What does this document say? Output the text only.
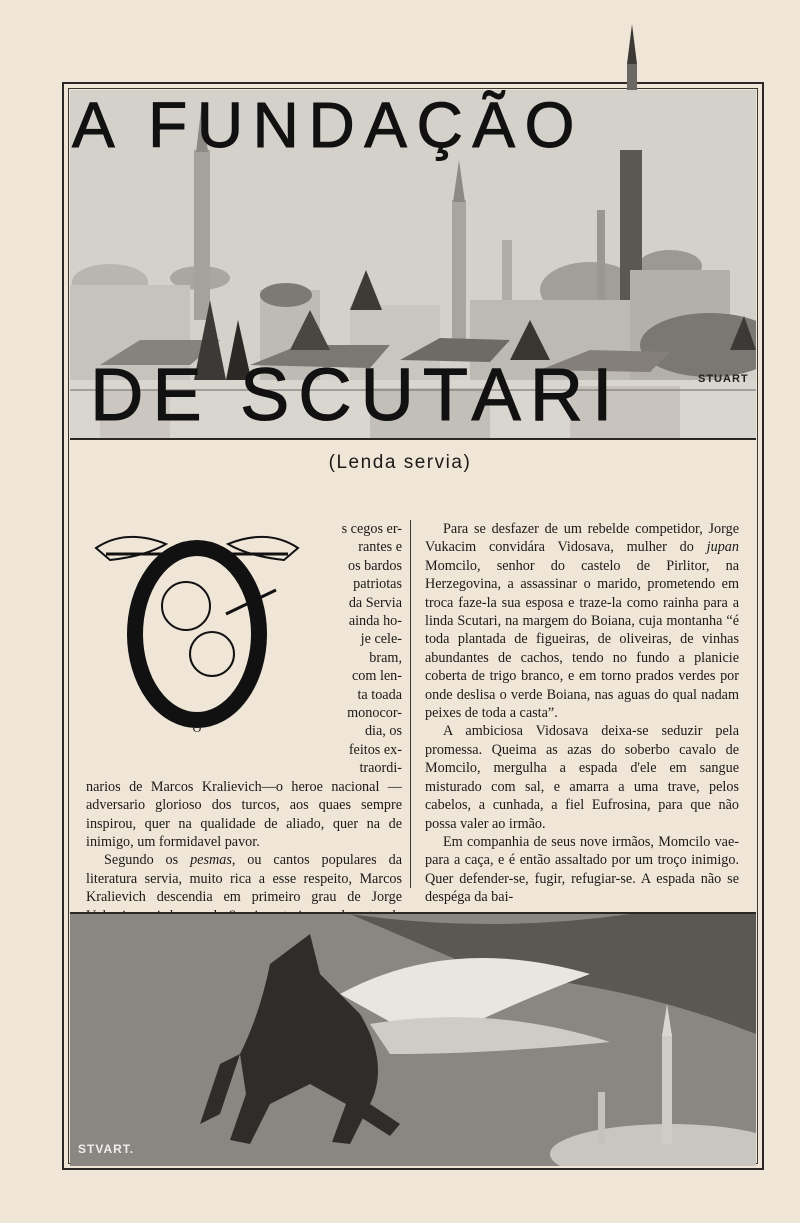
A FUNDAÇÃO
DE SCUTARI	STUART
(Lenda servia)
O

s cegos er-

rantes e

os bardos

patriotas

da Servia

ainda ho-

je cele-

bram,

com len-

ta toada

monocor-

dia, os

feitos ex-

traordi-

narios de Marcos Kralievich—o heroe nacional — adversario glorioso dos turcos, aos quaes sempre inspirou, quer na qualidade de aliado, quer na de inimigo, um formidavel pavor.

Segundo os pesmas, ou cantos populares da literatura servia, muito rica a esse respeito, Marcos Kralievich descendia em primeiro grau de Jorge

Para se desfazer de um rebelde competidor, Jorge Vukacim convidára Vidosava, mulher do jupan Momcilo, senhor do castelo de Pirlitor, na Herzegovina, a assassinar o marido, prometendo em troca faze-la sua esposa e traze-la como rainha para a linda Scutari, na margem do Boiana, cuja montanha “é toda plantada de figueiras, de oliveiras, de vinhas abundantes de cachos, tendo no fundo a planicie coberta de trigo branco, e em torno prados verdes por onde deslisa o verde Boiana, nas aguas do qual nadam peixes de toda a casta”.

A ambiciosa Vidosava deixa-se seduzir pela promessa. Queima as azas do soberbo cavalo de Momcilo, mergulha a espada d'ele em sangue misturado com sal, e amarra a uma trave, pelos cabelos, a cunhada, a fiel Eufrosina, para que não possa valer ao irmão.

Em companhia de seus nove irmãos, Momcilo vae-para a caça, e é então assaltado por um troço inimigo. Quer defender-se, fugir, refugiar-se. A espada não se despéga da bai-

STVART.
